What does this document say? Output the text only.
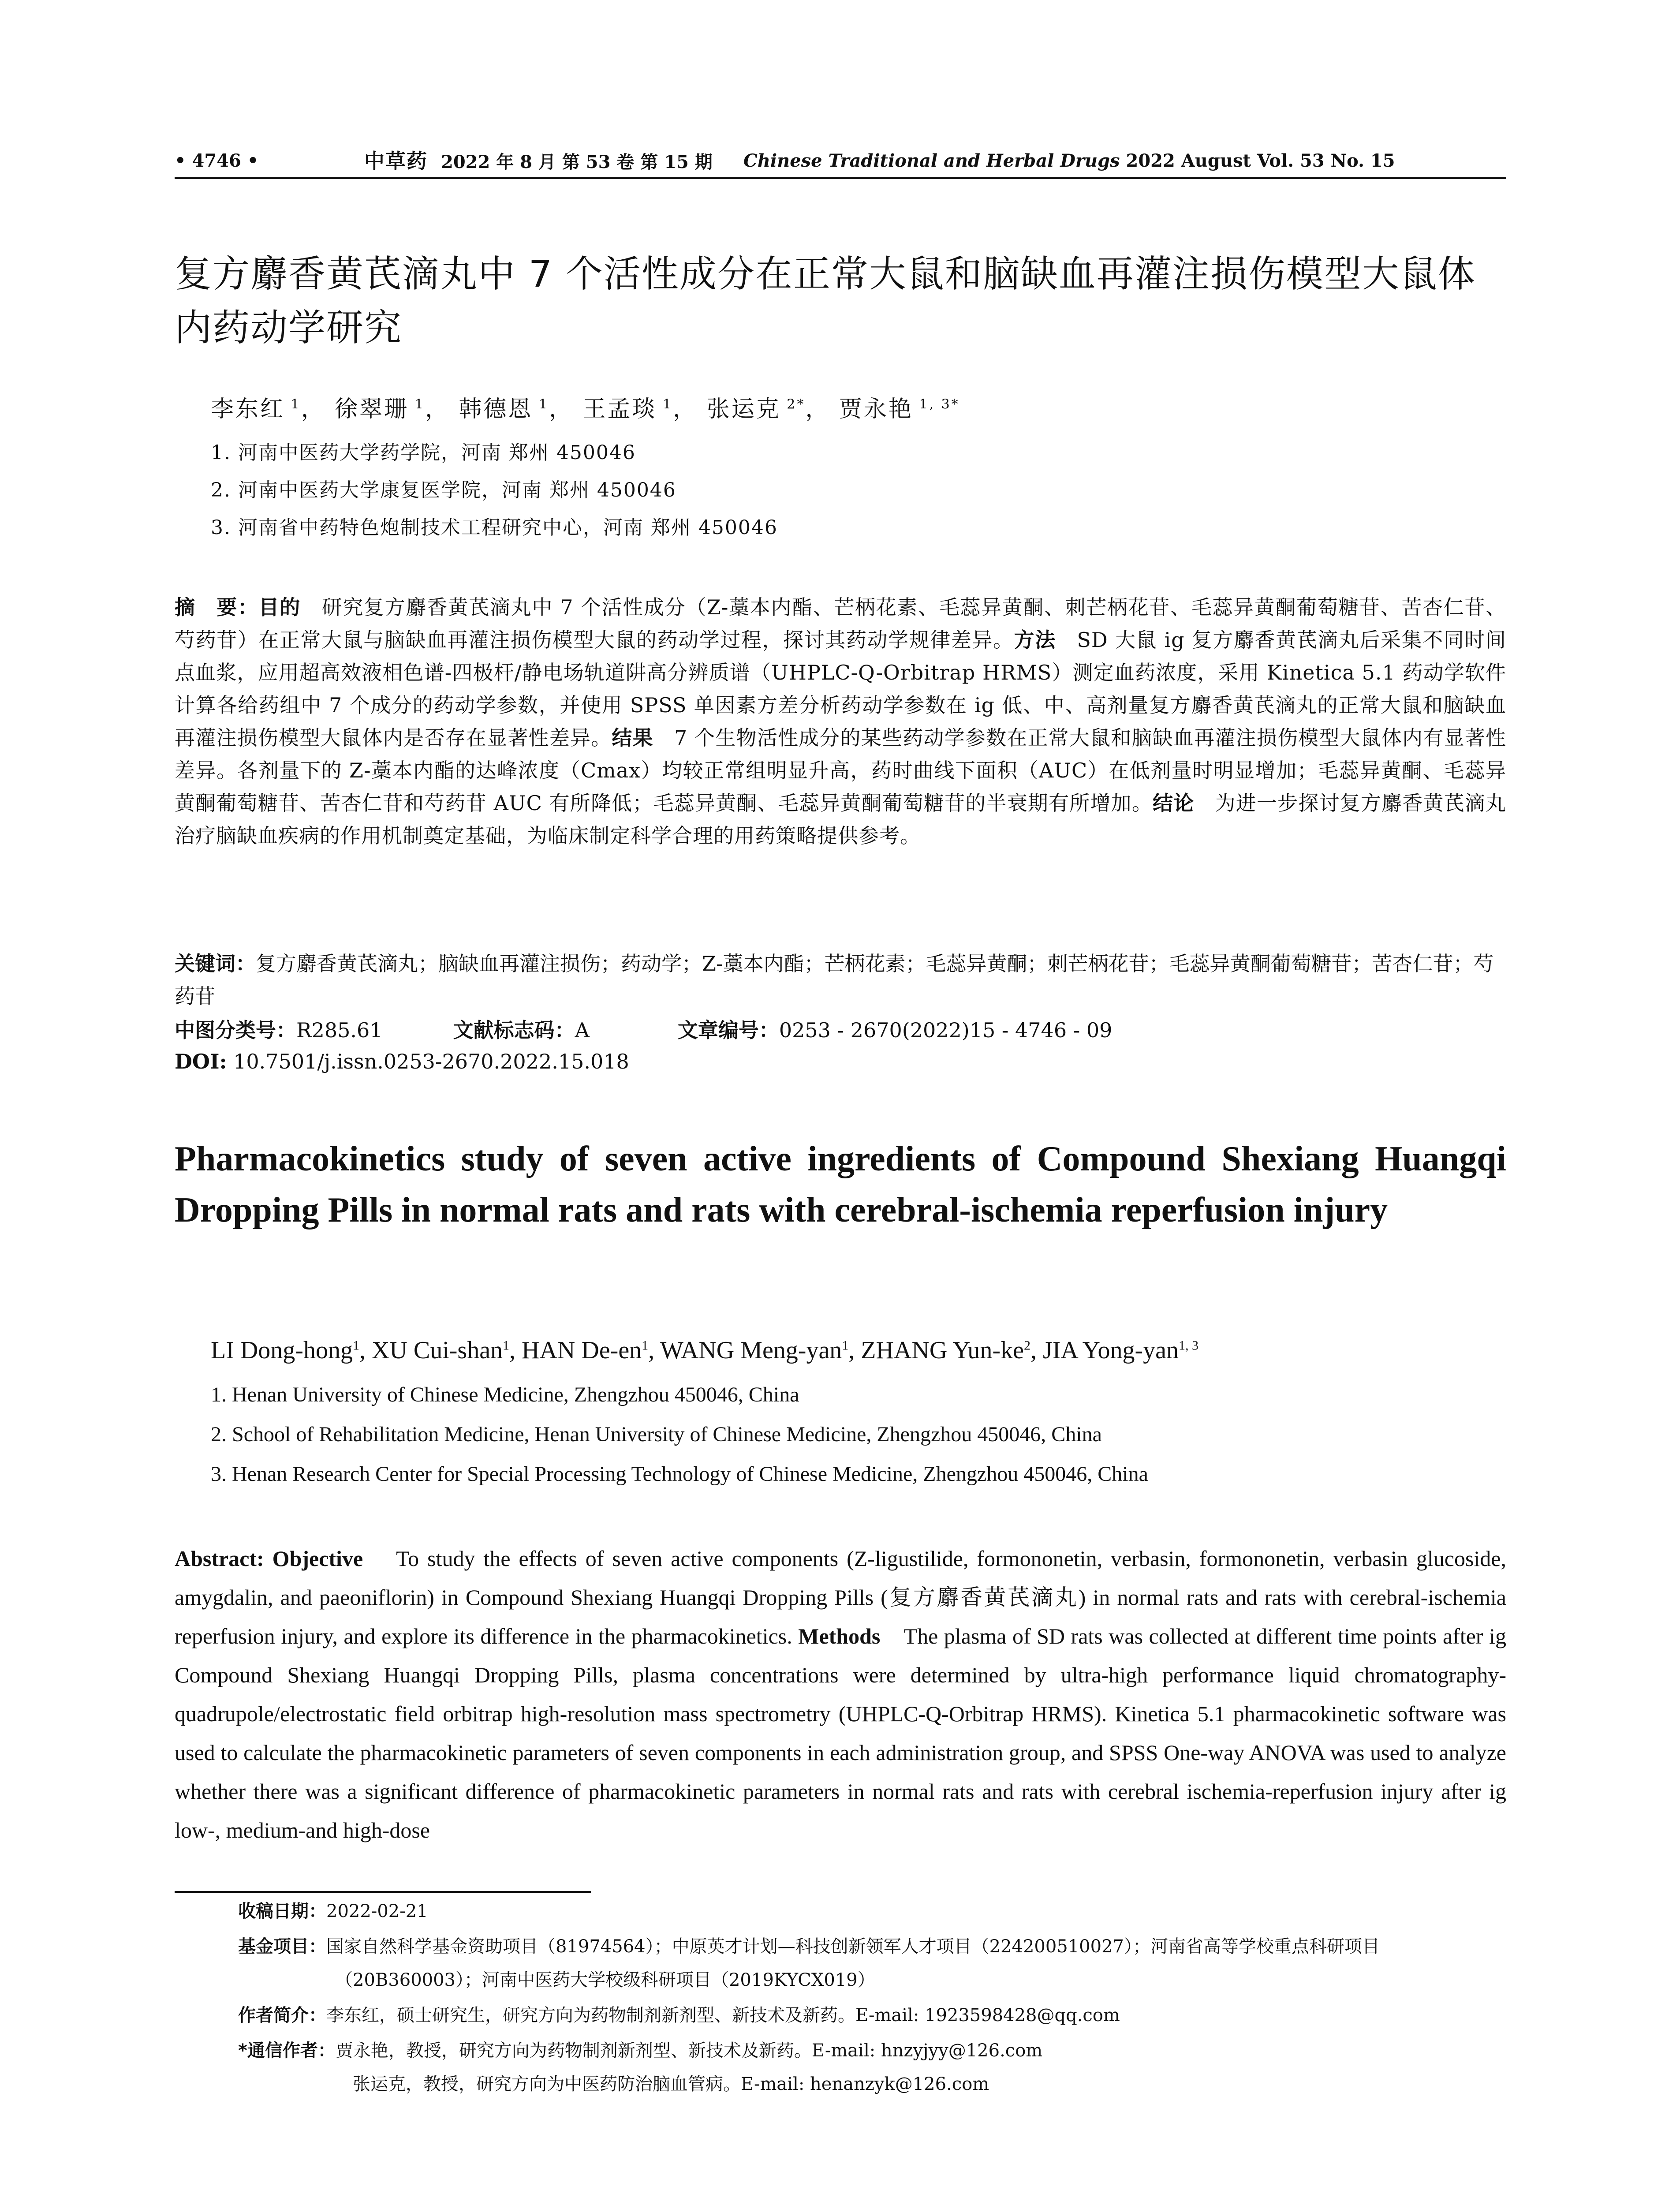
• 4746 •	中草药 2022 年 8 月 第 53 卷 第 15 期 Chinese Traditional and Herbal Drugs 2022 August Vol. 53 No. 15
复方麝香黄芪滴丸中 7 个活性成分在正常大鼠和脑缺血再灌注损伤模型大鼠体内药动学研究
李东红 $^1$， 徐翠珊 $^1$， 韩德恩 $^1$， 王孟琰 $^1$， 张运克 $^{2*}$， 贾永艳 $^{1, 3*}$
1. 河南中医药大学药学院，河南 郑州 450046
2. 河南中医药大学康复医学院，河南 郑州 450046
3. 河南省中药特色炮制技术工程研究中心，河南 郑州 450046
摘　要：目的　 研究复方麝香黄芪滴丸中 7 个活性成分（Z-藁本内酯、芒柄花素、毛蕊异黄酮、刺芒柄花苷、毛蕊异黄酮葡萄糖苷、苦杏仁苷、芍药苷）在正常大鼠与脑缺血再灌注损伤模型大鼠的药动学过程，探讨其药动学规律差异。方法　 SD 大鼠 ig 复方麝香黄芪滴丸后采集不同时间点血浆，应用超高效液相色谱-四极杆/静电场轨道阱高分辨质谱（UHPLC-Q-Orbitrap HRMS）测定血药浓度，采用 Kinetica 5.1 药动学软件计算各给药组中 7 个成分的药动学参数，并使用 SPSS 单因素方差分析药动学参数在 ig 低、中、高剂量复方麝香黄芪滴丸的正常大鼠和脑缺血再灌注损伤模型大鼠体内是否存在显著性差异。结果　 7 个生物活性成分的某些药动学参数在正常大鼠和脑缺血再灌注损伤模型大鼠体内有显著性差异。各剂量下的 Z-藁本内酯的达峰浓度（Cmax）均较正常组明显升高，药时曲线下面积（AUC）在低剂量时明显增加；毛蕊异黄酮、毛蕊异黄酮葡萄糖苷、苦杏仁苷和芍药苷 AUC 有所降低；毛蕊异黄酮、毛蕊异黄酮葡萄糖苷的半衰期有所增加。结论　 为进一步探讨复方麝香黄芪滴丸治疗脑缺血疾病的作用机制奠定基础，为临床制定科学合理的用药策略提供参考。
关键词：复方麝香黄芪滴丸；脑缺血再灌注损伤；药动学；Z-藁本内酯；芒柄花素；毛蕊异黄酮；刺芒柄花苷；毛蕊异黄酮葡萄糖苷；苦杏仁苷；芍药苷
中图分类号：R285.61	文献标志码：A	文章编号：0253 - 2670(2022)15 - 4746 - 09
DOI: 10.7501/j.issn.0253-2670.2022.15.018
Pharmacokinetics study of seven active ingredients of Compound Shexiang Huangqi Dropping Pills in normal rats and rats with cerebral-ischemia reperfusion injury
LI Dong-hong$^1$, XU Cui-shan$^1$, HAN $De-en^1$, WANG Meng-yan$^1$, ZHANG Yun-$ke^2$, JIA Yong-yan$^{1, 3}$
1. Henan University of Chinese Medicine, Zhengzhou 450046, China
2. School of Rehabilitation Medicine, Henan University of Chinese Medicine, Zhengzhou 450046, China
3. Henan Research Center for Special Processing Technology of Chinese Medicine, Zhengzhou 450046, China
Abstract: Objective To study the effects of seven active components (Z-ligustilide, formononetin, verbasin, formononetin, verbasin glucoside, amygdalin, and paeoniflorin) in Compound Shexiang Huangqi Dropping Pills (复方麝香黄芪滴丸) in normal rats and rats with cerebral-ischemia reperfusion injury, and explore its difference in the pharmacokinetics. Methods The plasma of SD rats was collected at different time points after ig Compound Shexiang Huangqi Dropping Pills, plasma concentrations were determined by ultra-high performance liquid chromatography-quadrupole/electrostatic field orbitrap high-resolution mass spectrometry (UHPLC-Q-Orbitrap HRMS). Kinetica 5.1 pharmacokinetic software was used to calculate the pharmacokinetic parameters of seven components in each administration group, and SPSS One-way ANOVA was used to analyze whether there was a significant difference of pharmacokinetic parameters in normal rats and rats with cerebral ischemia-reperfusion injury after ig low-, medium-and high-dose
收稿日期：2022-02-21
基金项目：国家自然科学基金资助项目（81974564）；中原英才计划—科技创新领军人才项目（224200510027）；河南省高等学校重点科研项目
（20B360003）；河南中医药大学校级科研项目（2019KYCX019）
作者简介：李东红，硕士研究生，研究方向为药物制剂新剂型、新技术及新药。E-mail: 1923598428@qq.com
*通信作者：贾永艳，教授，研究方向为药物制剂新剂型、新技术及新药。E-mail: hnzyjyy@126.com
张运克，教授，研究方向为中医药防治脑血管病。E-mail: henanzyk@126.com
